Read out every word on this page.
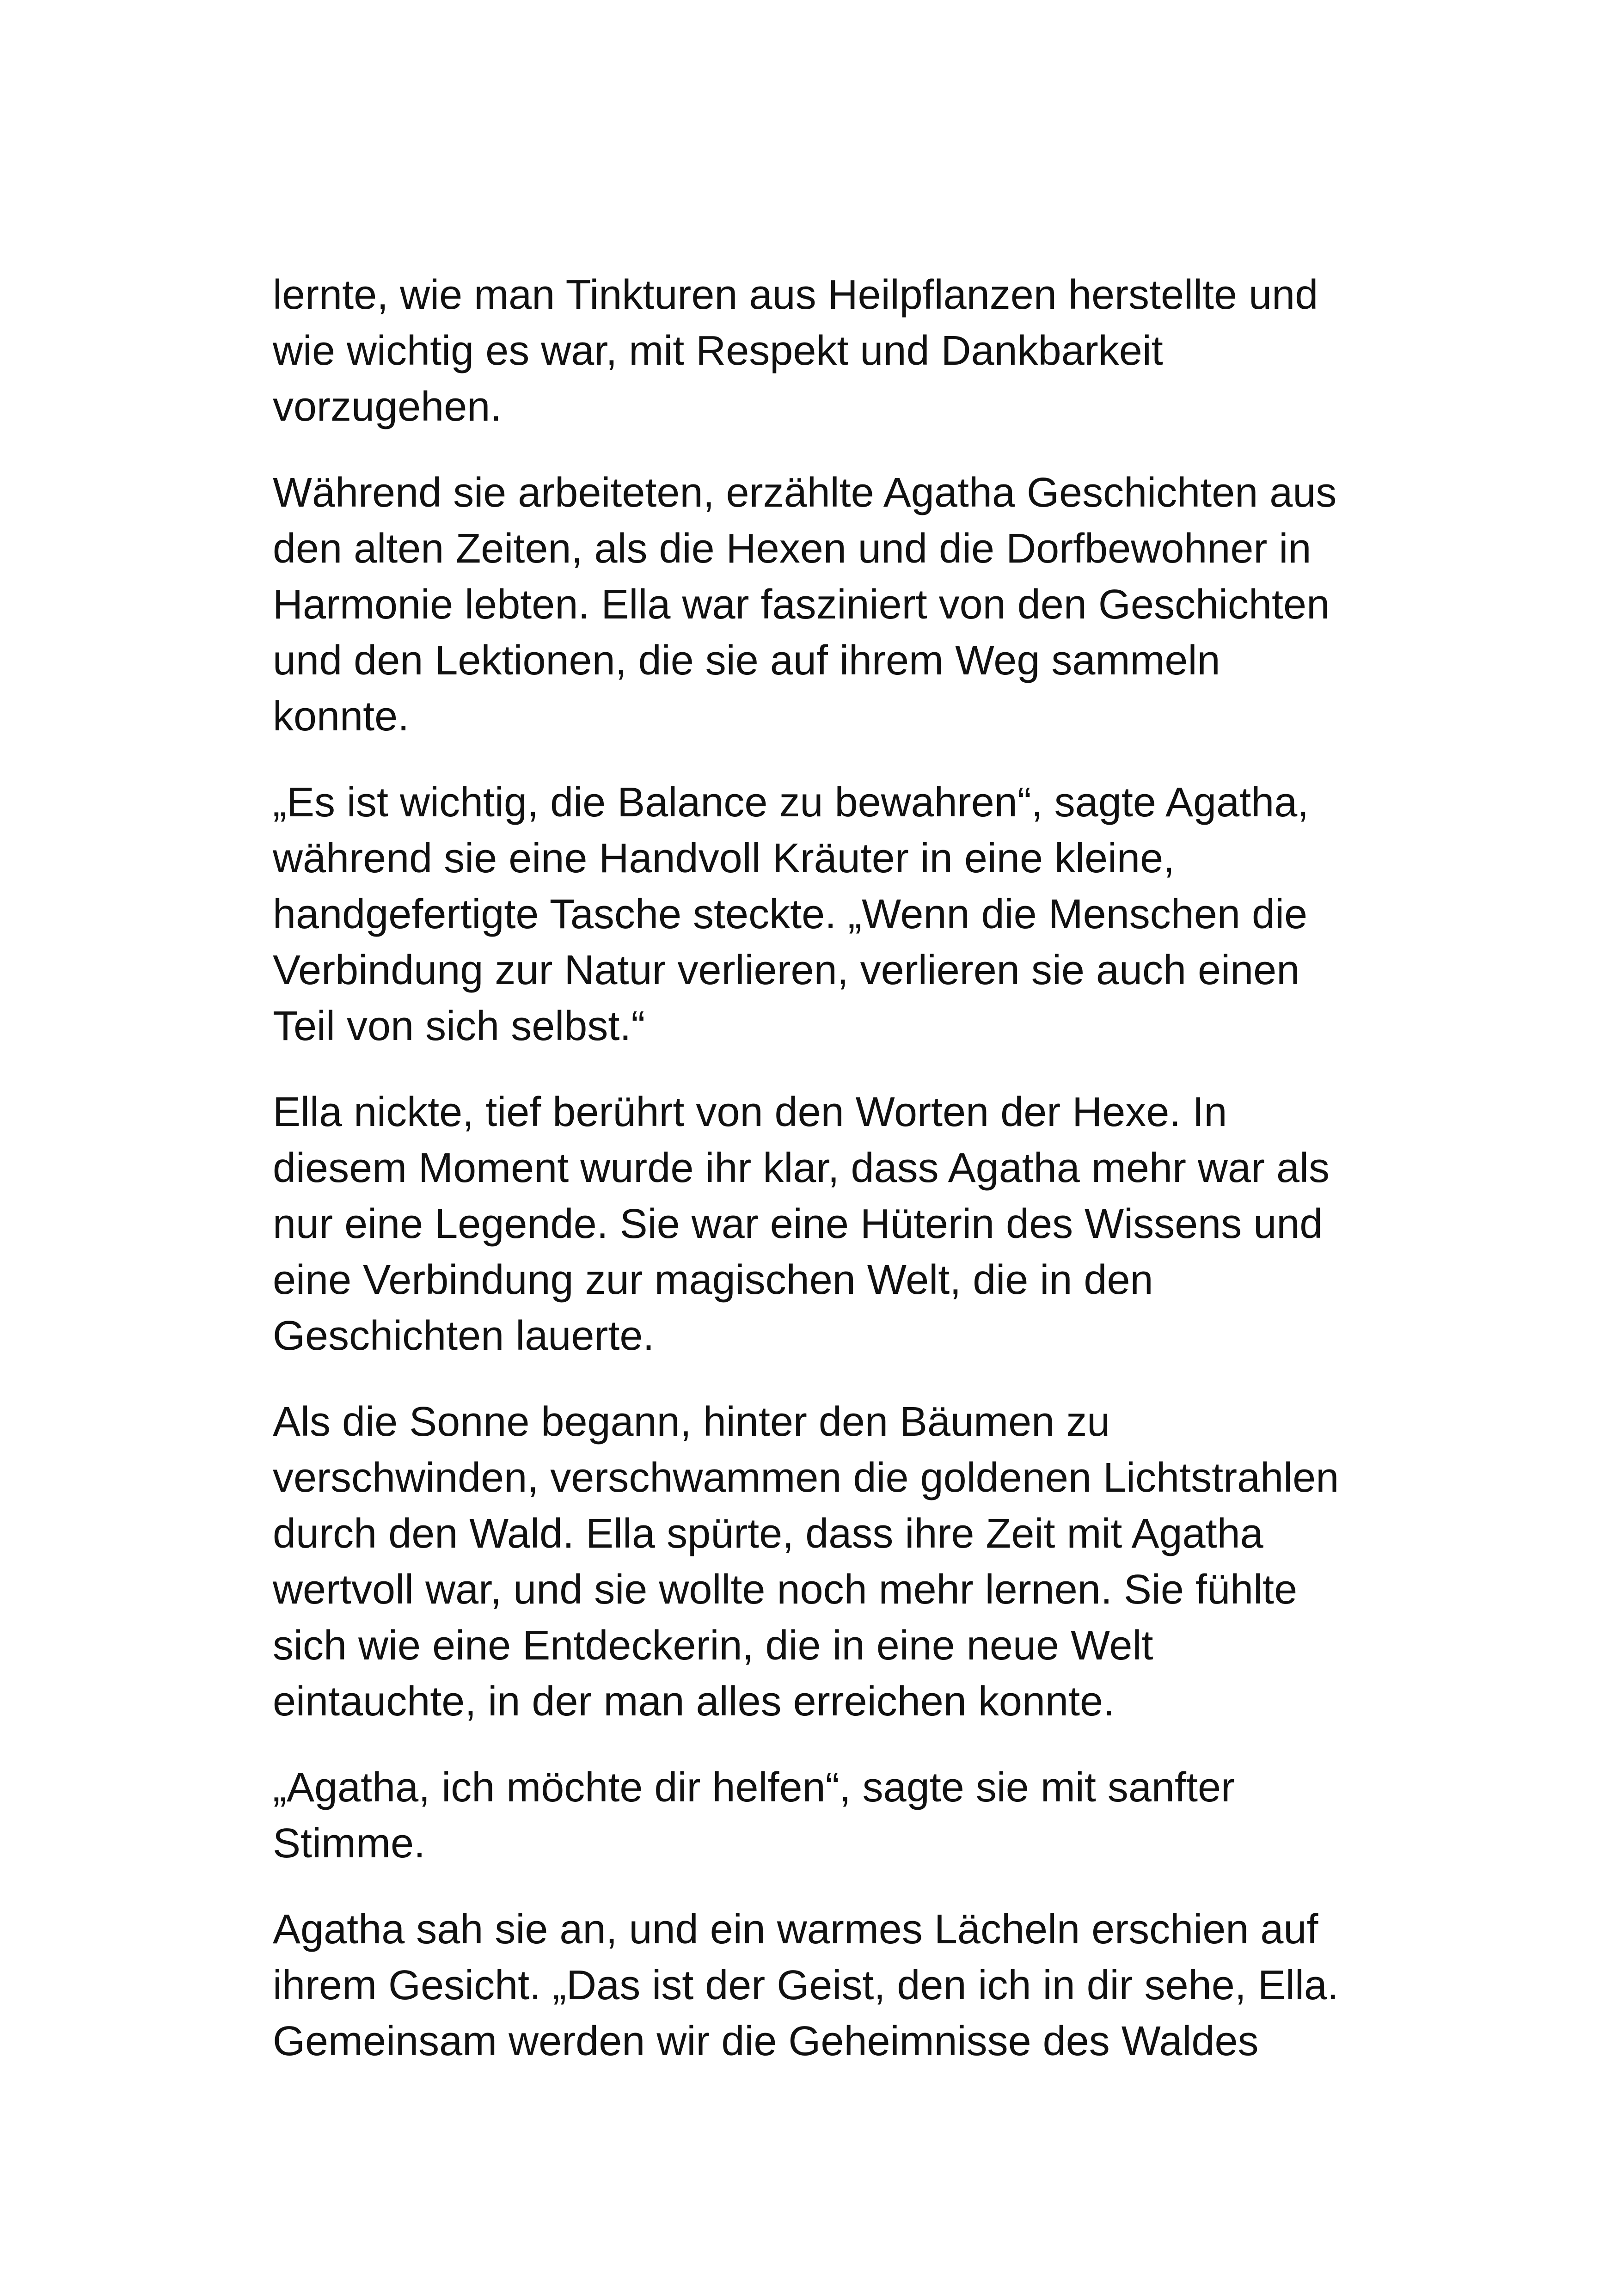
lernte, wie man Tinkturen aus Heilpflanzen herstellte und
wie wichtig es war, mit Respekt und Dankbarkeit
vorzugehen.

Während sie arbeiteten, erzählte Agatha Geschichten aus
den alten Zeiten, als die Hexen und die Dorfbewohner in
Harmonie lebten. Ella war fasziniert von den Geschichten
und den Lektionen, die sie auf ihrem Weg sammeln
konnte.

„Es ist wichtig, die Balance zu bewahren“, sagte Agatha,
während sie eine Handvoll Kräuter in eine kleine,
handgefertigte Tasche steckte. „Wenn die Menschen die
Verbindung zur Natur verlieren, verlieren sie auch einen
Teil von sich selbst.“

Ella nickte, tief berührt von den Worten der Hexe. In
diesem Moment wurde ihr klar, dass Agatha mehr war als
nur eine Legende. Sie war eine Hüterin des Wissens und
eine Verbindung zur magischen Welt, die in den
Geschichten lauerte.

Als die Sonne begann, hinter den Bäumen zu
verschwinden, verschwammen die goldenen Lichtstrahlen
durch den Wald. Ella spürte, dass ihre Zeit mit Agatha
wertvoll war, und sie wollte noch mehr lernen. Sie fühlte
sich wie eine Entdeckerin, die in eine neue Welt
eintauchte, in der man alles erreichen konnte.

„Agatha, ich möchte dir helfen“, sagte sie mit sanfter
Stimme.

Agatha sah sie an, und ein warmes Lächeln erschien auf
ihrem Gesicht. „Das ist der Geist, den ich in dir sehe, Ella.
Gemeinsam werden wir die Geheimnisse des Waldes
